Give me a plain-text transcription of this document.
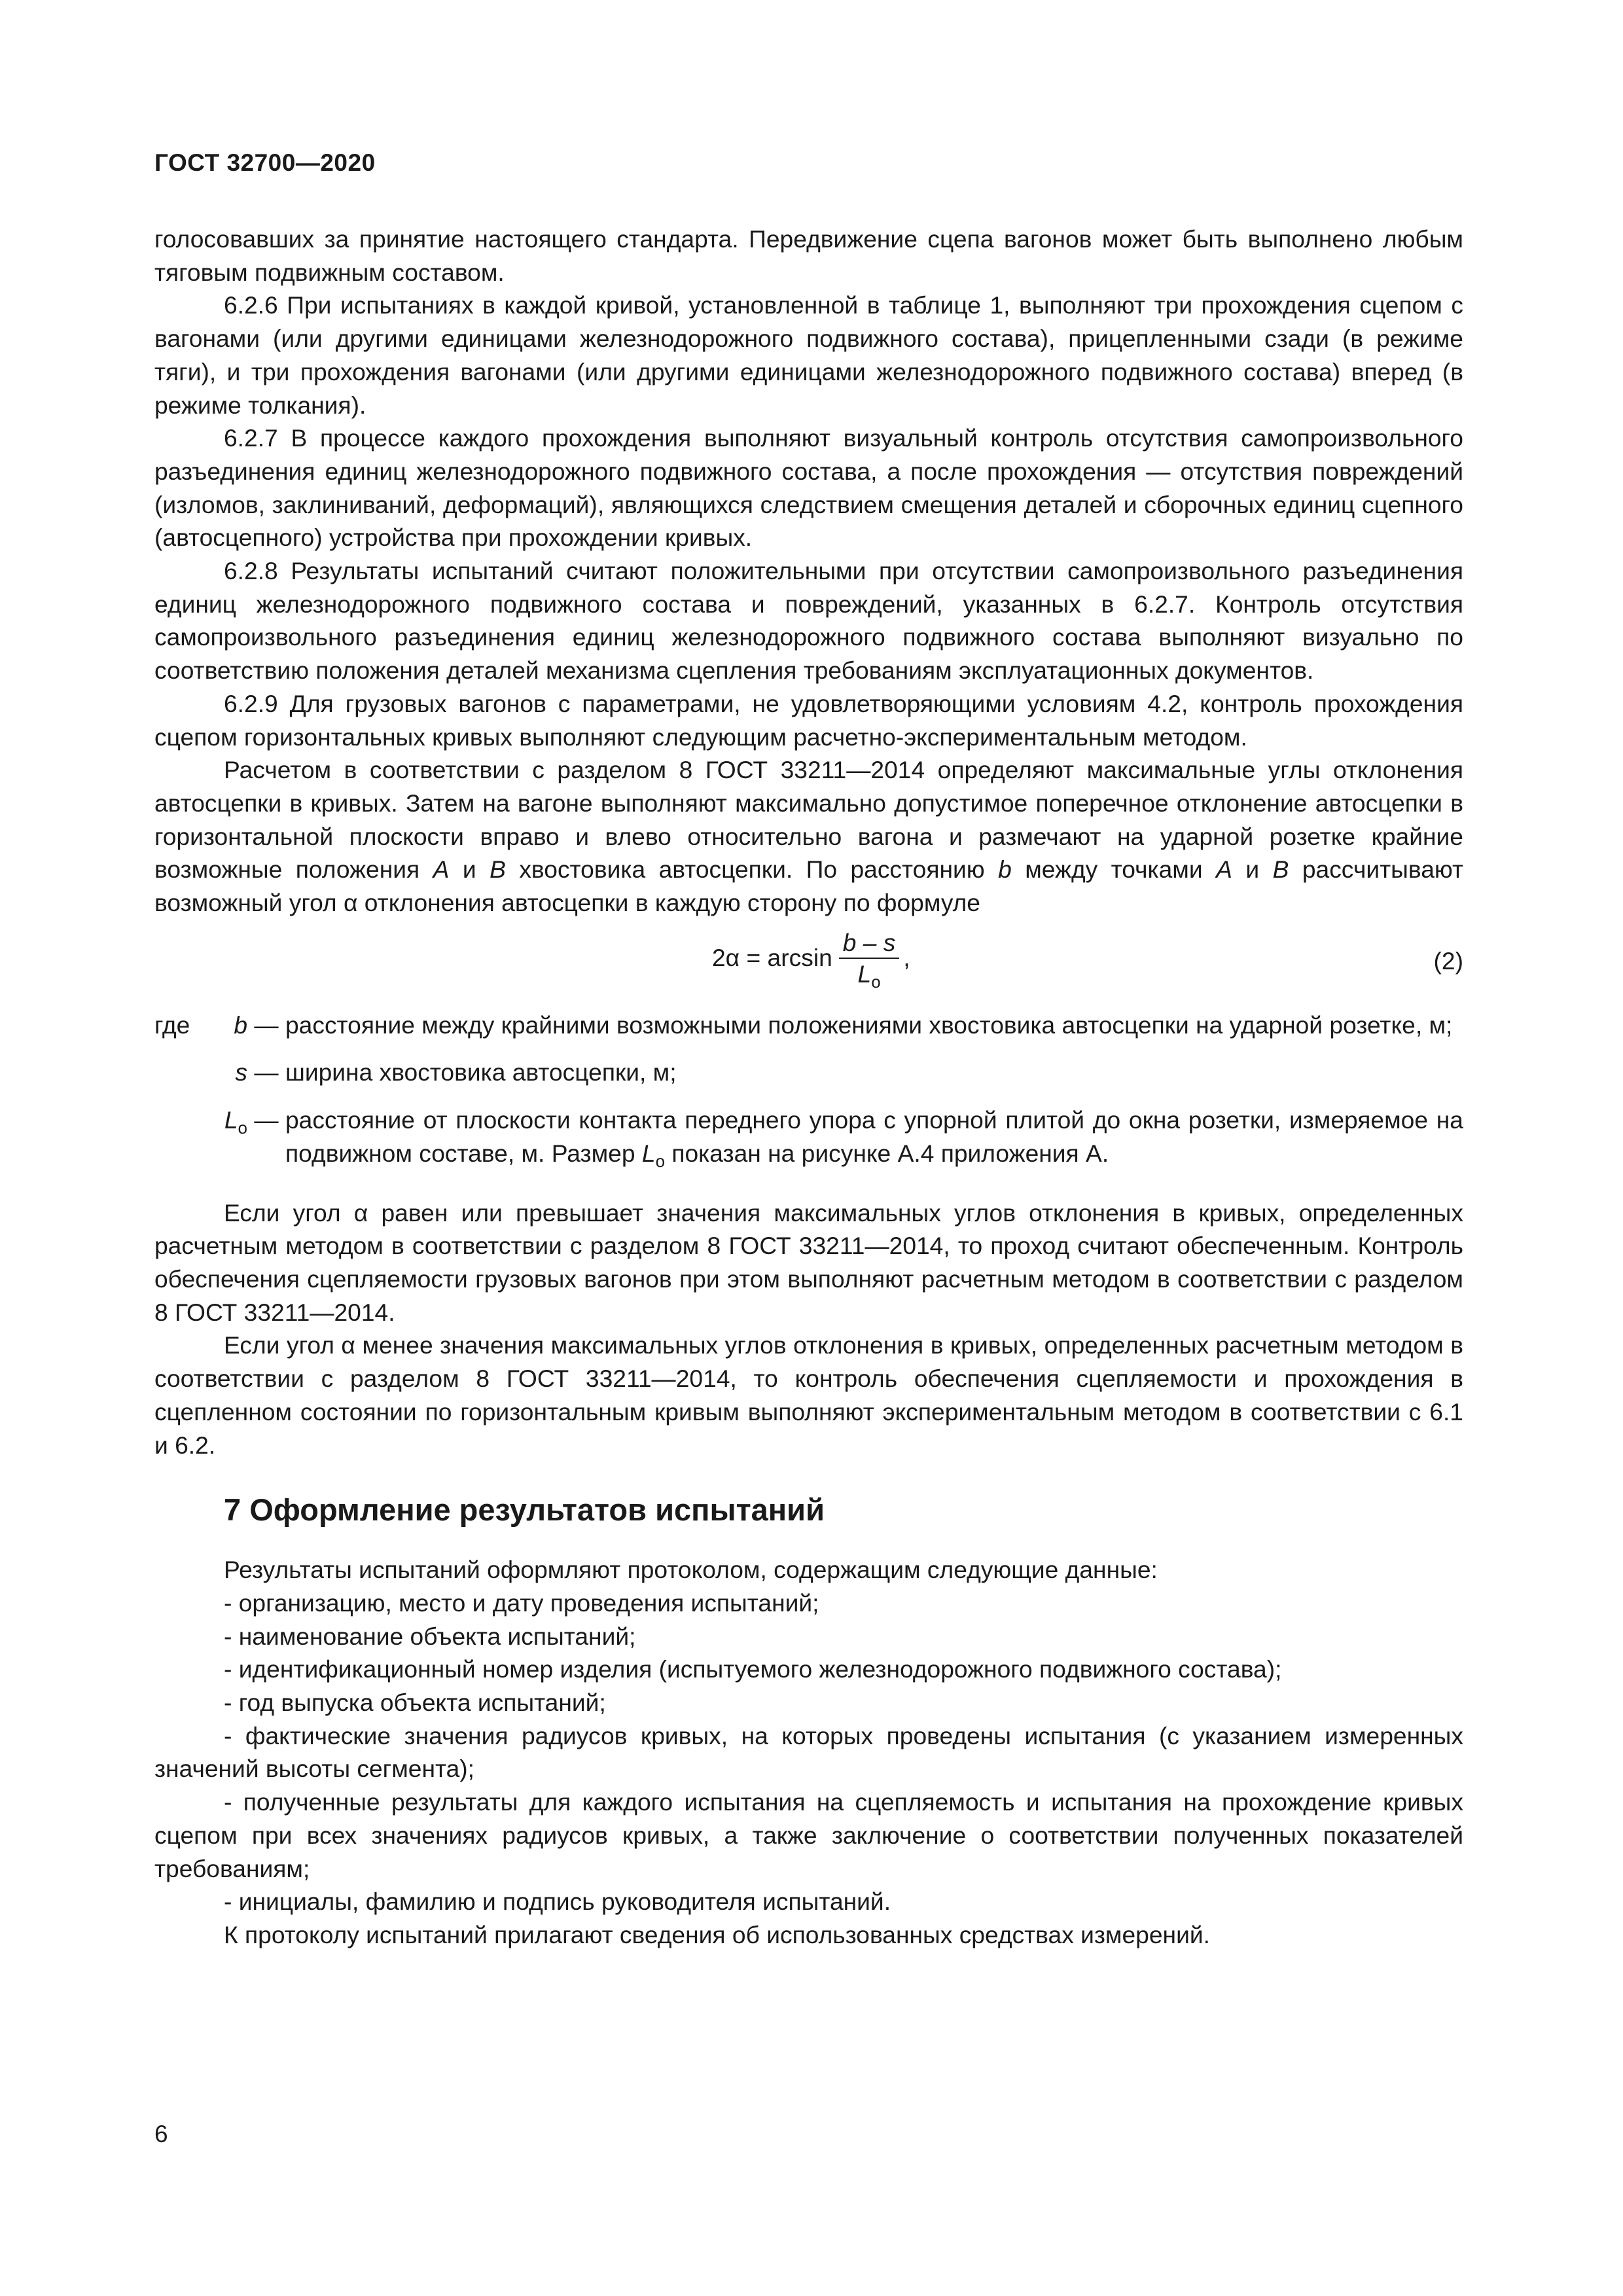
ГОСТ 32700—2020

голосовавших за принятие настоящего стандарта. Передвижение сцепа вагонов может быть выполнено любым тяговым подвижным составом.

6.2.6 При испытаниях в каждой кривой, установленной в таблице 1, выполняют три прохождения сцепом с вагонами (или другими единицами железнодорожного подвижного состава), прицепленными сзади (в режиме тяги), и три прохождения вагонами (или другими единицами железнодорожного подвижного состава) вперед (в режиме толкания).

6.2.7 В процессе каждого прохождения выполняют визуальный контроль отсутствия самопроизвольного разъединения единиц железнодорожного подвижного состава, а после прохождения — отсутствия повреждений (изломов, заклиниваний, деформаций), являющихся следствием смещения деталей и сборочных единиц сцепного (автосцепного) устройства при прохождении кривых.

6.2.8 Результаты испытаний считают положительными при отсутствии самопроизвольного разъединения единиц железнодорожного подвижного состава и повреждений, указанных в 6.2.7. Контроль отсутствия самопроизвольного разъединения единиц железнодорожного подвижного состава выполняют визуально по соответствию положения деталей механизма сцепления требованиям эксплуатационных документов.

6.2.9 Для грузовых вагонов с параметрами, не удовлетворяющими условиям 4.2, контроль прохождения сцепом горизонтальных кривых выполняют следующим расчетно-экспериментальным методом.

Расчетом в соответствии с разделом 8 ГОСТ 33211—2014 определяют максимальные углы отклонения автосцепки в кривых. Затем на вагоне выполняют максимально допустимое поперечное отклонение автосцепки в горизонтальной плоскости вправо и влево относительно вагона и размечают на ударной розетке крайние возможные положения А и В хвостовика автосцепки. По расстоянию b между точками А и В рассчитывают возможный угол α отклонения автосцепки в каждую сторону по формуле

$2\alpha = \arcsin \frac{b - s}{L_о}$ ,	(2)
где	b — расстояние между крайними возможными положениями хвостовика автосцепки на ударной розетке, м;
s — ширина хвостовика автосцепки, м;
$L_о$ — расстояние от плоскости контакта переднего упора с упорной плитой до окна розетки, измеряемое на подвижном составе, м. Размер $L_о$ показан на рисунке А.4 приложения А.

Если угол α равен или превышает значения максимальных углов отклонения в кривых, определенных расчетным методом в соответствии с разделом 8 ГОСТ 33211—2014, то проход считают обеспеченным. Контроль обеспечения сцепляемости грузовых вагонов при этом выполняют расчетным методом в соответствии с разделом 8 ГОСТ 33211—2014.

Если угол α менее значения максимальных углов отклонения в кривых, определенных расчетным методом в соответствии с разделом 8 ГОСТ 33211—2014, то контроль обеспечения сцепляемости и прохождения в сцепленном состоянии по горизонтальным кривым выполняют экспериментальным методом в соответствии с 6.1 и 6.2.

7 Оформление результатов испытаний

Результаты испытаний оформляют протоколом, содержащим следующие данные:

- организацию, место и дату проведения испытаний;

- наименование объекта испытаний;

- идентификационный номер изделия (испытуемого железнодорожного подвижного состава);

- год выпуска объекта испытаний;

- фактические значения радиусов кривых, на которых проведены испытания (с указанием измеренных значений высоты сегмента);

- полученные результаты для каждого испытания на сцепляемость и испытания на прохождение кривых сцепом при всех значениях радиусов кривых, а также заключение о соответствии полученных показателей требованиям;

- инициалы, фамилию и подпись руководителя испытаний.

К протоколу испытаний прилагают сведения об использованных средствах измерений.

6
